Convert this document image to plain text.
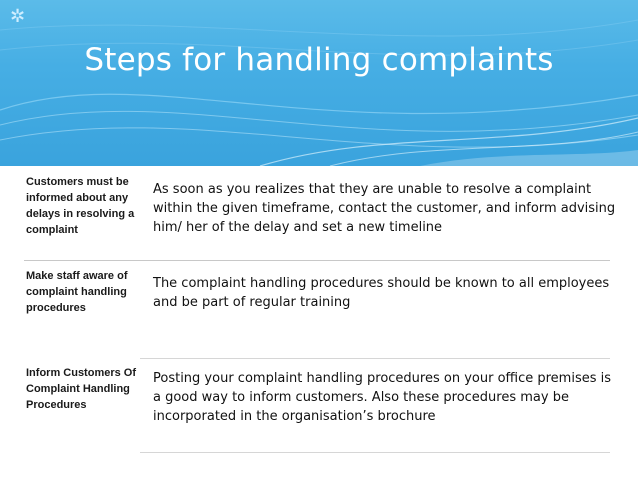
✲
Steps for handling complaints
Customers must be informed about any delays in resolving a complaint
As soon as you realizes that they are unable to resolve a complaint within the given timeframe, contact the customer, and inform advising him/ her of the delay and set a new timeline
Make staff aware of complaint handling procedures
The complaint handling procedures should be known to all employees and be part of regular training
Inform Customers Of Complaint Handling Procedures
Posting your complaint handling procedures on your office premises is a good way to inform customers. Also these procedures may be incorporated in the organisation’s brochure
